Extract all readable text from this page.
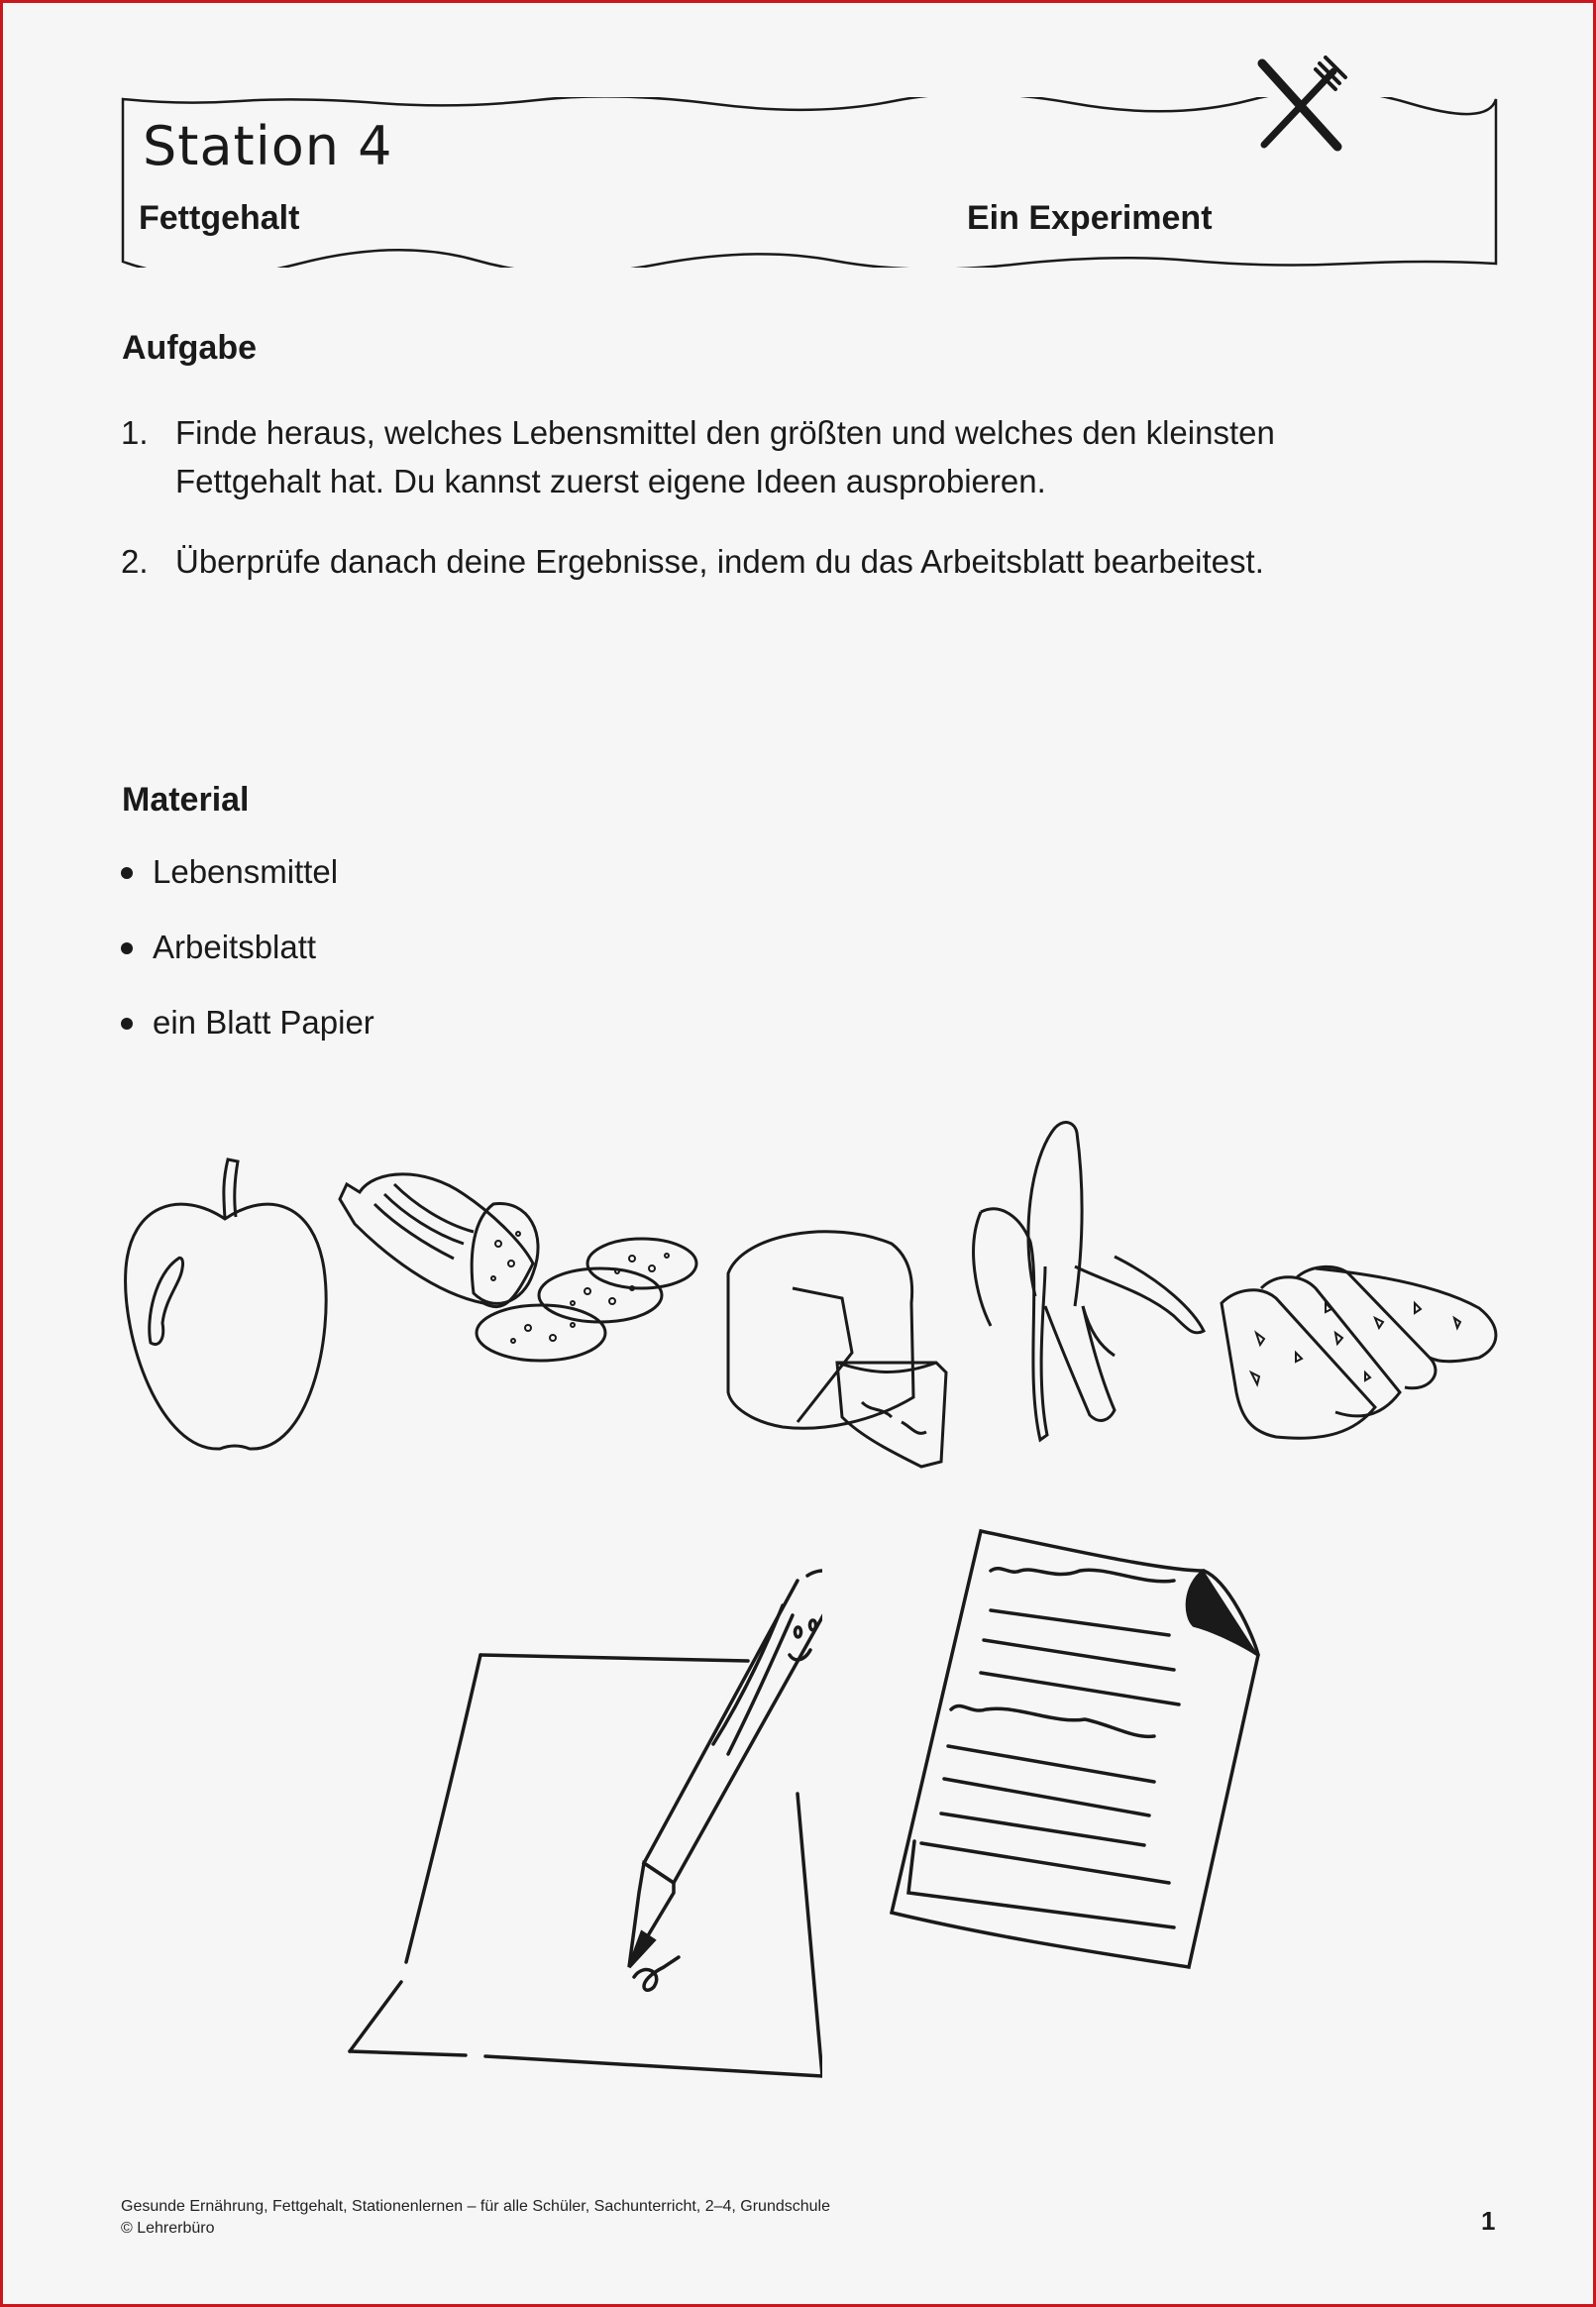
Station 4
Fettgehalt	Ein Experiment
Aufgabe
1. Finde heraus, welches Lebensmittel den größten und welches den kleinsten Fettgehalt hat. Du kannst zuerst eigene Ideen ausprobieren.
2. Überprüfe danach deine Ergebnisse, indem du das Arbeitsblatt bearbeitest.
Material
Lebensmittel
Arbeitsblatt
ein Blatt Papier
Gesunde Ernährung, Fettgehalt, Stationenlernen – für alle Schüler, Sachunterricht, 2–4, Grundschule
© Lehrerbüro	1
